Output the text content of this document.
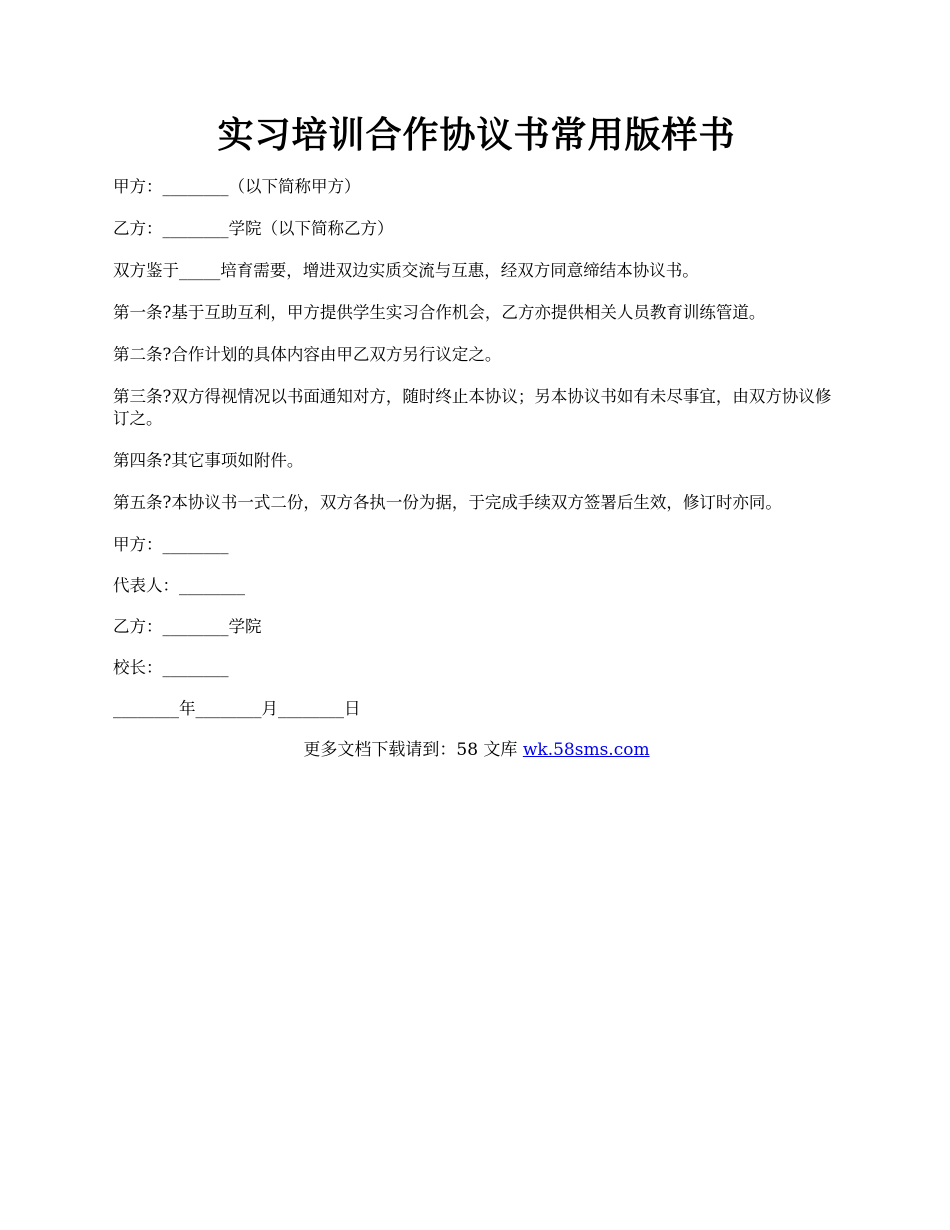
实习培训合作协议书常用版样书

甲方：________（以下简称甲方）

乙方：________学院（以下简称乙方）

双方鉴于_____培育需要，增进双边实质交流与互惠，经双方同意缔结本协议书。

第一条?基于互助互利，甲方提供学生实习合作机会，乙方亦提供相关人员教育训练管道。

第二条?合作计划的具体内容由甲乙双方另行议定之。

第三条?双方得视情况以书面通知对方，随时终止本协议；另本协议书如有未尽事宜，由双方协议修订之。

第四条?其它事项如附件。

第五条?本协议书一式二份，双方各执一份为据，于完成手续双方签署后生效，修订时亦同。

甲方：________

代表人：________

乙方：________学院

校长：________

________年________月________日

更多文档下载请到：58 文库 wk.58sms.com
